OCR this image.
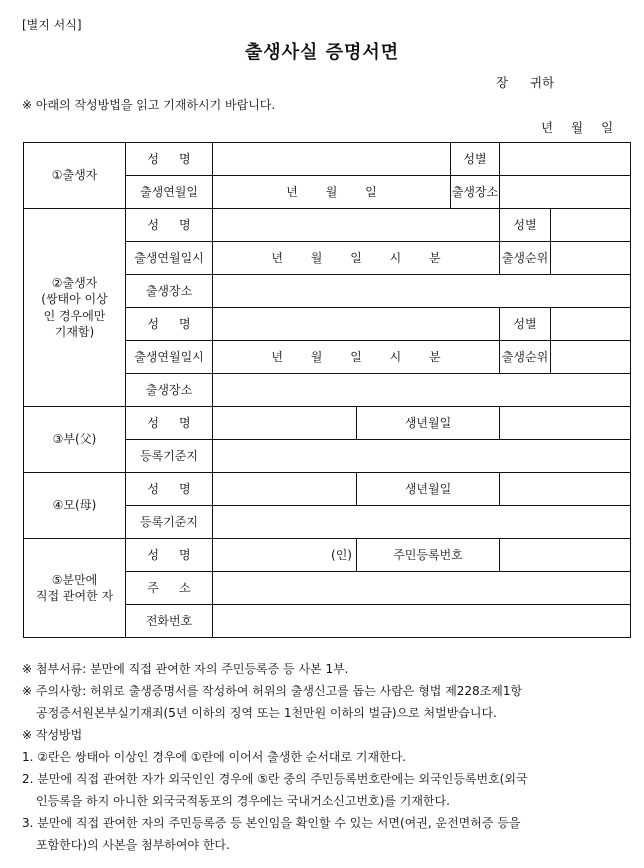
[별지 서식]
출생사실 증명서면
장 귀하
※ 아래의 작성방법을 읽고 기재하시기 바랍니다.
년 월 일
①출생자	성명			성별		
	출생연월일	년 월 일		출생장소		

②출생자
(쌍태아 이상
인 경우에만
기재함)	성명				성별	
	출생연월일시	년 월 일 시 분			출생순위	
	출생장소					
	성명				성별	
	출생연월일시	년 월 일 시 분			출생순위	
	출생장소					
③부(父)	성명		생년월일			
	등록기준지					
④모(母)	성명		생년월일			
	등록기준지					

⑤분만에
직접 관여한 자	성명	(인)	주민등록번호			
	주소					
	전화번호					
※ 첨부서류: 분만에 직접 관여한 자의 주민등록증 등 사본 1부.
※ 주의사항: 허위로 출생증명서를 작성하여 허위의 출생신고를 돕는 사람은 형법 제228조제1항
공정증서원본부실기재죄(5년 이하의 징역 또는 1천만원 이하의 벌금)으로 처벌받습니다.
※ 작성방법
1. ②란은 쌍태아 이상인 경우에 ①란에 이어서 출생한 순서대로 기재한다.
2. 분만에 직접 관여한 자가 외국인인 경우에 ⑤란 중의 주민등록번호란에는 외국인등록번호(외국
인등록을 하지 아니한 외국국적동포의 경우에는 국내거소신고번호)를 기재한다.
3. 분만에 직접 관여한 자의 주민등록증 등 본인임을 확인할 수 있는 서면(여권, 운전면허증 등을
포함한다)의 사본을 첨부하여야 한다.
